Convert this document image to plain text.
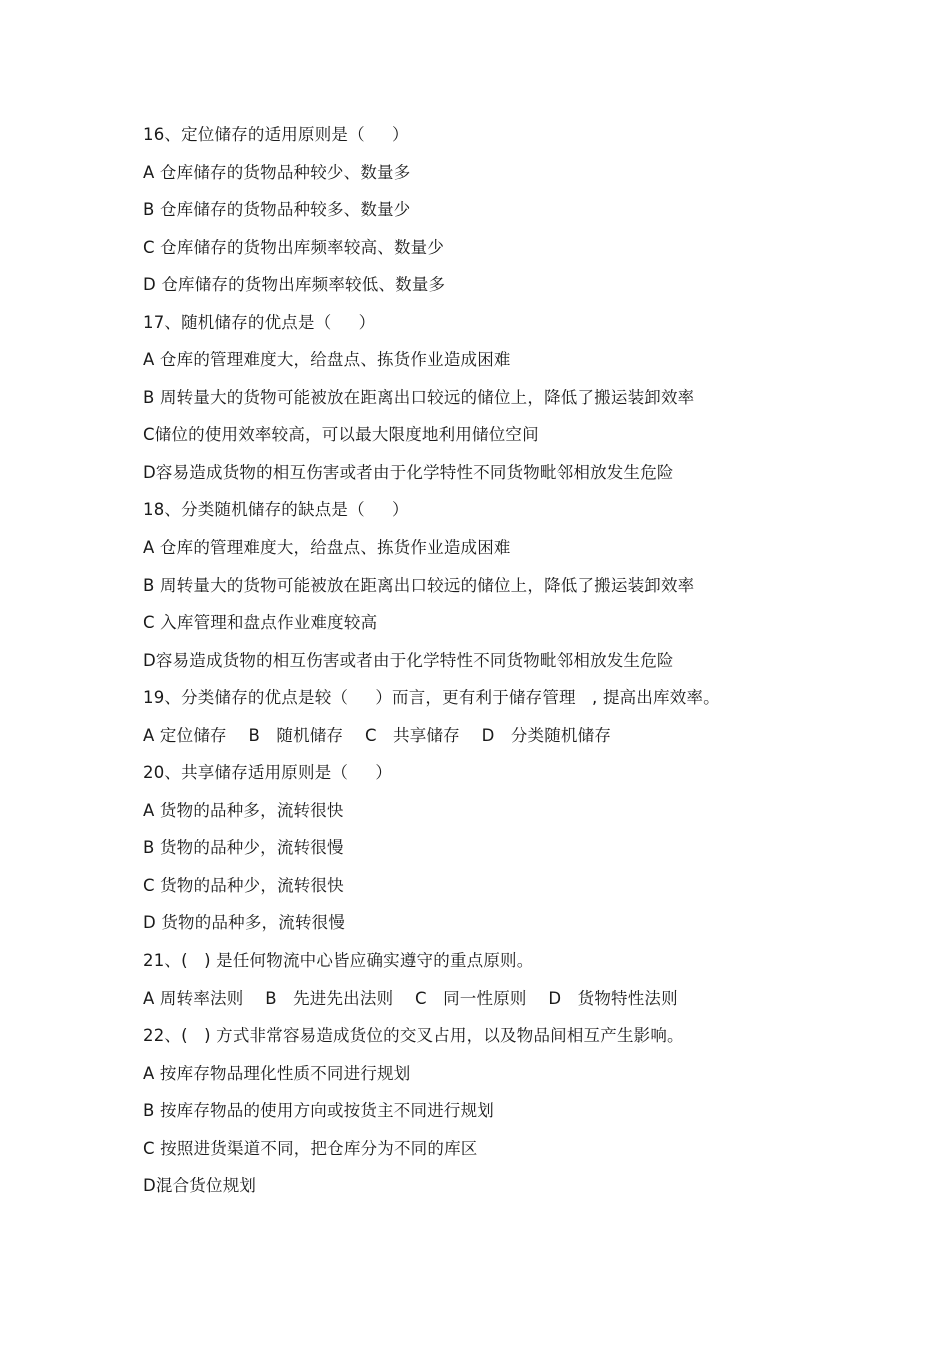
16、定位储存的适用原则是（     ）
A 仓库储存的货物品种较少、数量多
B 仓库储存的货物品种较多、数量少
C 仓库储存的货物出库频率较高、数量少
D 仓库储存的货物出库频率较低、数量多
17、随机储存的优点是（     ）
A 仓库的管理难度大，给盘点、拣货作业造成困难
B 周转量大的货物可能被放在距离出口较远的储位上，降低了搬运装卸效率
C储位的使用效率较高，可以最大限度地利用储位空间
D容易造成货物的相互伤害或者由于化学特性不同货物毗邻相放发生危险
18、分类随机储存的缺点是（     ）
A 仓库的管理难度大，给盘点、拣货作业造成困难
B 周转量大的货物可能被放在距离出口较远的储位上，降低了搬运装卸效率
C 入库管理和盘点作业难度较高
D容易造成货物的相互伤害或者由于化学特性不同货物毗邻相放发生危险
19、分类储存的优点是较（     ）而言，更有利于储存管理   , 提高出库效率。
A 定位储存    B   随机储存    C   共享储存    D   分类随机储存
20、共享储存适用原则是（     ）
A 货物的品种多，流转很快
B 货物的品种少，流转很慢
C 货物的品种少，流转很快
D 货物的品种多，流转很慢
21、(   ) 是任何物流中心皆应确实遵守的重点原则。
A 周转率法则    B   先进先出法则    C   同一性原则    D   货物特性法则
22、(   ) 方式非常容易造成货位的交叉占用，以及物品间相互产生影响。
A 按库存物品理化性质不同进行规划
B 按库存物品的使用方向或按货主不同进行规划
C 按照进货渠道不同，把仓库分为不同的库区
D混合货位规划
